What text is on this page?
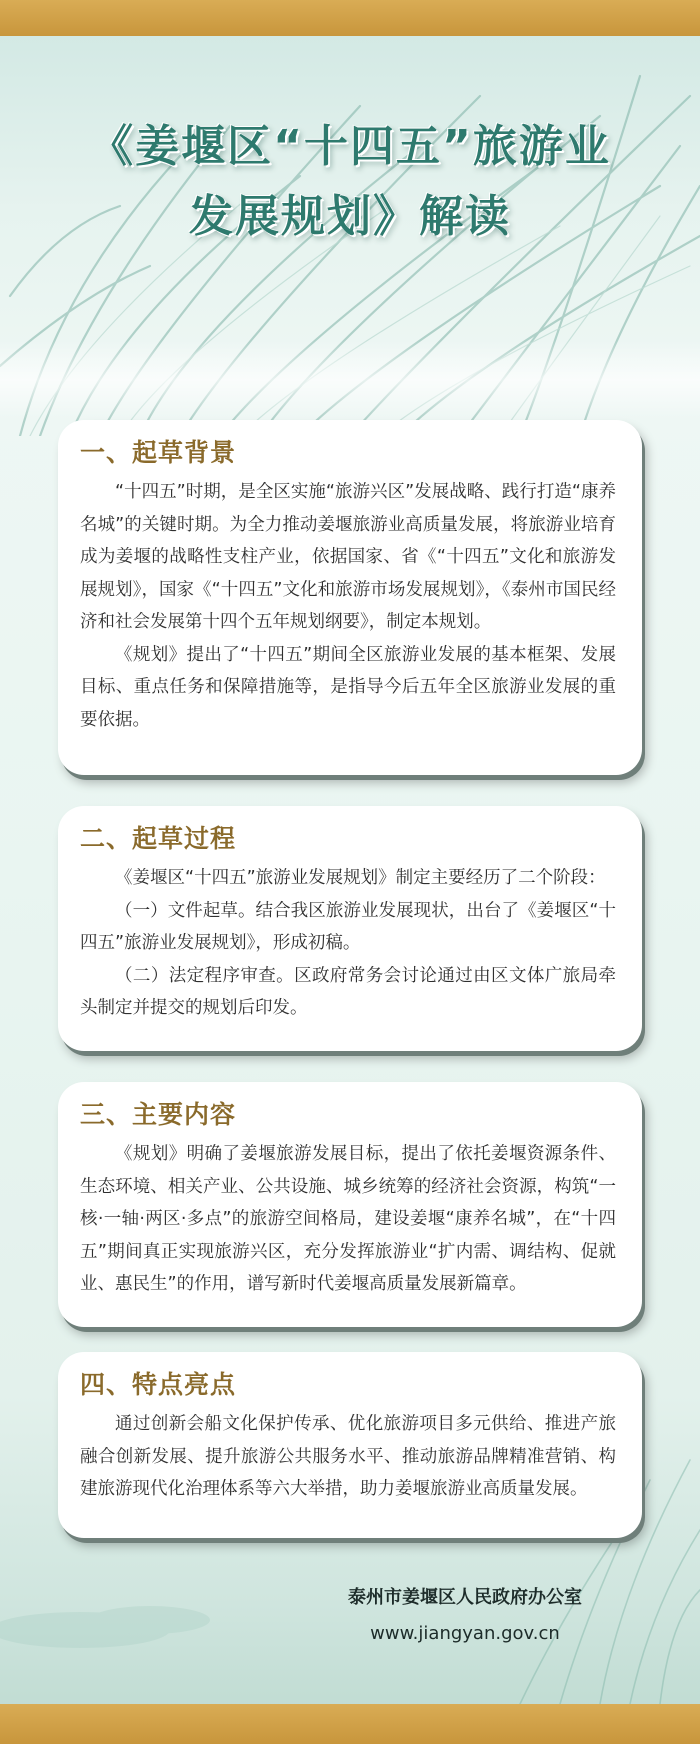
《姜堰区“十四五”旅游业
发展规划》解读
一、起草背景

“十四五”时期，是全区实施“旅游兴区”发展战略、践行打造“康养名城”的关键时期。为全力推动姜堰旅游业高质量发展，将旅游业培育成为姜堰的战略性支柱产业，依据国家、省《“十四五”文化和旅游发展规划》，国家《“十四五”文化和旅游市场发展规划》，《泰州市国民经济和社会发展第十四个五年规划纲要》，制定本规划。

《规划》提出了“十四五”期间全区旅游业发展的基本框架、发展目标、重点任务和保障措施等，是指导今后五年全区旅游业发展的重要依据。

二、起草过程

《姜堰区“十四五”旅游业发展规划》制定主要经历了二个阶段：

（一）文件起草。结合我区旅游业发展现状，出台了《姜堰区“十四五”旅游业发展规划》，形成初稿。

（二）法定程序审查。区政府常务会讨论通过由区文体广旅局牵头制定并提交的规划后印发。

三、主要内容

《规划》明确了姜堰旅游发展目标，提出了依托姜堰资源条件、生态环境、相关产业、公共设施、城乡统筹的经济社会资源，构筑“一核·一轴·两区·多点”的旅游空间格局，建设姜堰“康养名城”，在“十四五”期间真正实现旅游兴区，充分发挥旅游业“扩内需、调结构、促就业、惠民生”的作用，谱写新时代姜堰高质量发展新篇章。

四、特点亮点

通过创新会船文化保护传承、优化旅游项目多元供给、推进产旅融合创新发展、提升旅游公共服务水平、推动旅游品牌精准营销、构建旅游现代化治理体系等六大举措，助力姜堰旅游业高质量发展。

泰州市姜堰区人民政府办公室
www.jiangyan.gov.cn
